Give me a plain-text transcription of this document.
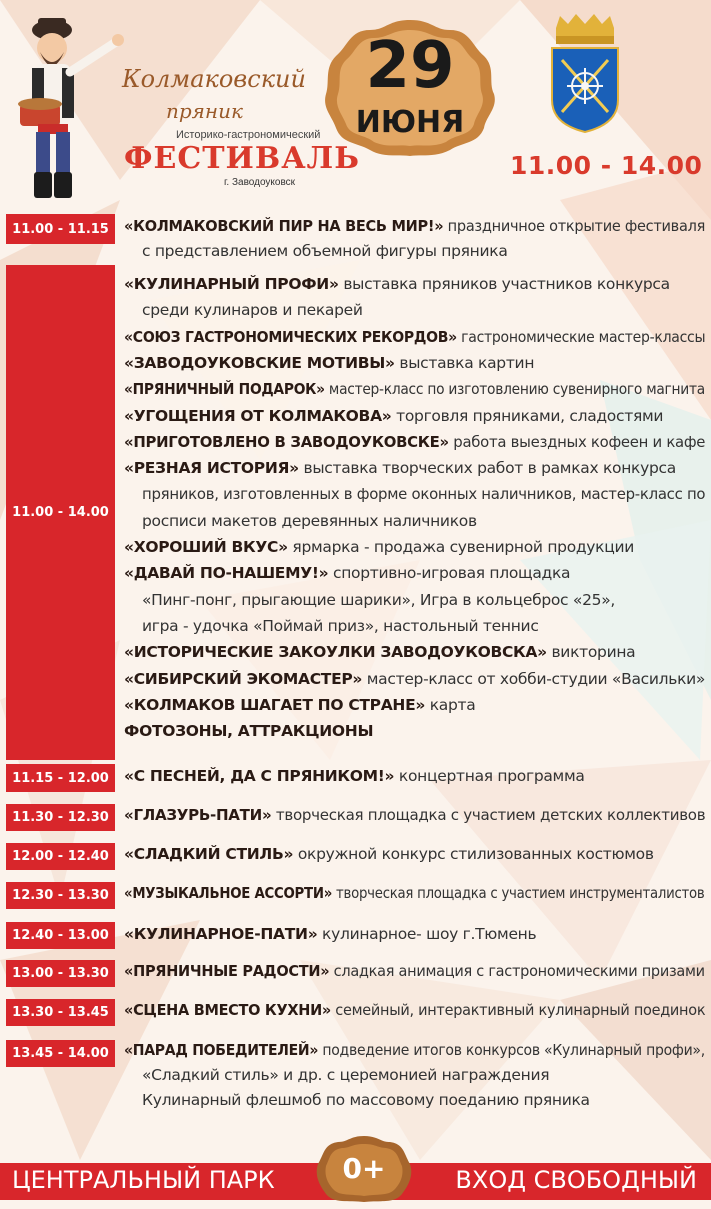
Колмаковский
пряник
Историко-гастрономический
ФЕСТИВАЛЬ
г. Заводоуковск
29
ИЮНЯ
11.00 - 14.00
11.00 - 11.15 «КОЛМАКОВСКИЙ ПИР НА ВЕСЬ МИР!» праздничное открытие фестиваля
с представлением объемной фигуры пряника
11.00 - 14.00
«КУЛИНАРНЫЙ ПРОФИ» выставка пряников участников конкурса
среди кулинаров и пекарей
«СОЮЗ ГАСТРОНОМИЧЕСКИХ РЕКОРДОВ» гастрономические мастер-классы
«ЗАВОДОУКОВСКИЕ МОТИВЫ» выставка картин
«ПРЯНИЧНЫЙ ПОДАРОК» мастер-класс по изготовлению сувенирного магнита
«УГОЩЕНИЯ ОТ КОЛМАКОВА» торговля пряниками, сладостями
«ПРИГОТОВЛЕНО В ЗАВОДОУКОВСКЕ» работа выездных кофеен и кафе
«РЕЗНАЯ ИСТОРИЯ» выставка творческих работ в рамках конкурса
пряников, изготовленных в форме оконных наличников, мастер-класс по
росписи макетов деревянных наличников
«ХОРОШИЙ ВКУС» ярмарка - продажа сувенирной продукции
«ДАВАЙ ПО-НАШЕМУ!» спортивно-игровая площадка
«Пинг-понг, прыгающие шарики», Игра в кольцеброс «25»,
игра - удочка «Поймай приз», настольный теннис
«ИСТОРИЧЕСКИЕ ЗАКОУЛКИ ЗАВОДОУКОВСКА» викторина
«СИБИРСКИЙ ЭКОМАСТЕР» мастер-класс от хобби-студии «Васильки»
«КОЛМАКОВ ШАГАЕТ ПО СТРАНЕ» карта
ФОТОЗОНЫ, АТТРАКЦИОНЫ
11.15 - 12.00 «С ПЕСНЕЙ, ДА С ПРЯНИКОМ!» концертная программа
11.30 - 12.30 «ГЛАЗУРЬ-ПАТИ» творческая площадка с участием детских коллективов
12.00 - 12.40 «СЛАДКИЙ СТИЛЬ» окружной конкурс стилизованных костюмов
12.30 - 13.30 «МУЗЫКАЛЬНОЕ АССОРТИ» творческая площадка с участием инструменталистов
12.40 - 13.00 «КУЛИНАРНОЕ-ПАТИ» кулинарное- шоу г.Тюмень
13.00 - 13.30 «ПРЯНИЧНЫЕ РАДОСТИ» сладкая анимация с гастрономическими призами
13.30 - 13.45 «СЦЕНА ВМЕСТО КУХНИ» семейный, интерактивный кулинарный поединок
13.45 - 14.00 «ПАРАД ПОБЕДИТЕЛЕЙ» подведение итогов конкурсов «Кулинарный профи»,
«Сладкий стиль» и др. с церемонией награждения
Кулинарный флешмоб по массовому поеданию пряника
ЦЕНТРАЛЬНЫЙ ПАРК	ВХОД СВОБОДНЫЙ
0+
